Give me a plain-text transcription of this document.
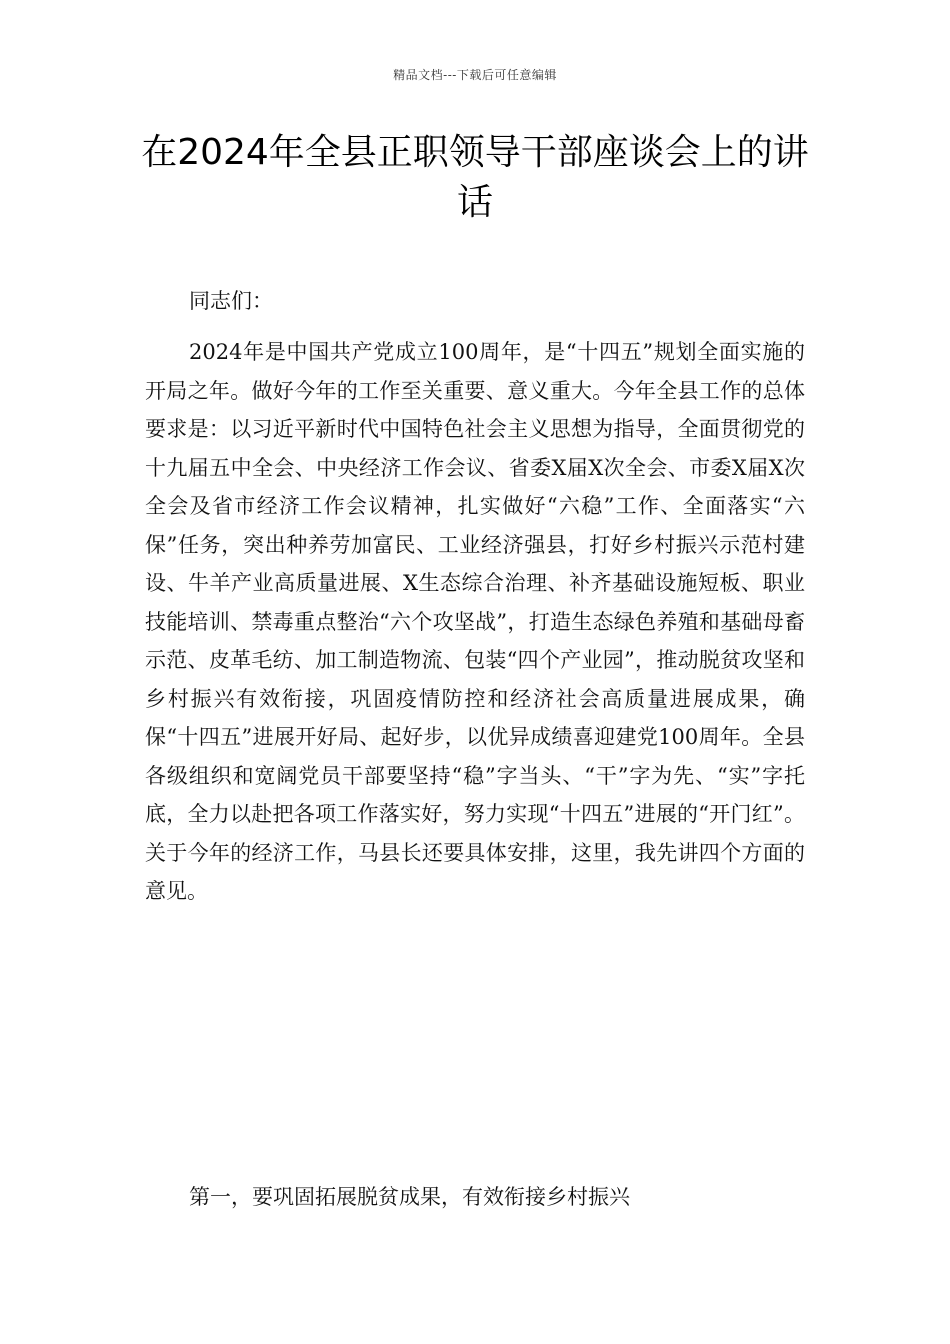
精品文档---下载后可任意编辑
在2024年全县正职领导干部座谈会上的讲话

同志们：

2024年是中国共产党成立100周年，是“十四五”规划全面实施的开局之年。做好今年的工作至关重要、意义重大。今年全县工作的总体要求是：以习近平新时代中国特色社会主义思想为指导，全面贯彻党的十九届五中全会、中央经济工作会议、省委X届X次全会、市委X届X次全会及省市经济工作会议精神，扎实做好“六稳”工作、全面落实“六保”任务，突出种养劳加富民、工业经济强县，打好乡村振兴示范村建设、牛羊产业高质量进展、X生态综合治理、补齐基础设施短板、职业技能培训、禁毒重点整治“六个攻坚战”，打造生态绿色养殖和基础母畜示范、皮革毛纺、加工制造物流、包装“四个产业园”，推动脱贫攻坚和乡村振兴有效衔接，巩固疫情防控和经济社会高质量进展成果，确保“十四五”进展开好局、起好步，以优异成绩喜迎建党100周年。全县各级组织和宽阔党员干部要坚持“稳”字当头、“干”字为先、“实”字托底，全力以赴把各项工作落实好，努力实现“十四五”进展的“开门红”。关于今年的经济工作，马县长还要具体安排，这里，我先讲四个方面的意见。

第一，要巩固拓展脱贫成果，有效衔接乡村振兴
